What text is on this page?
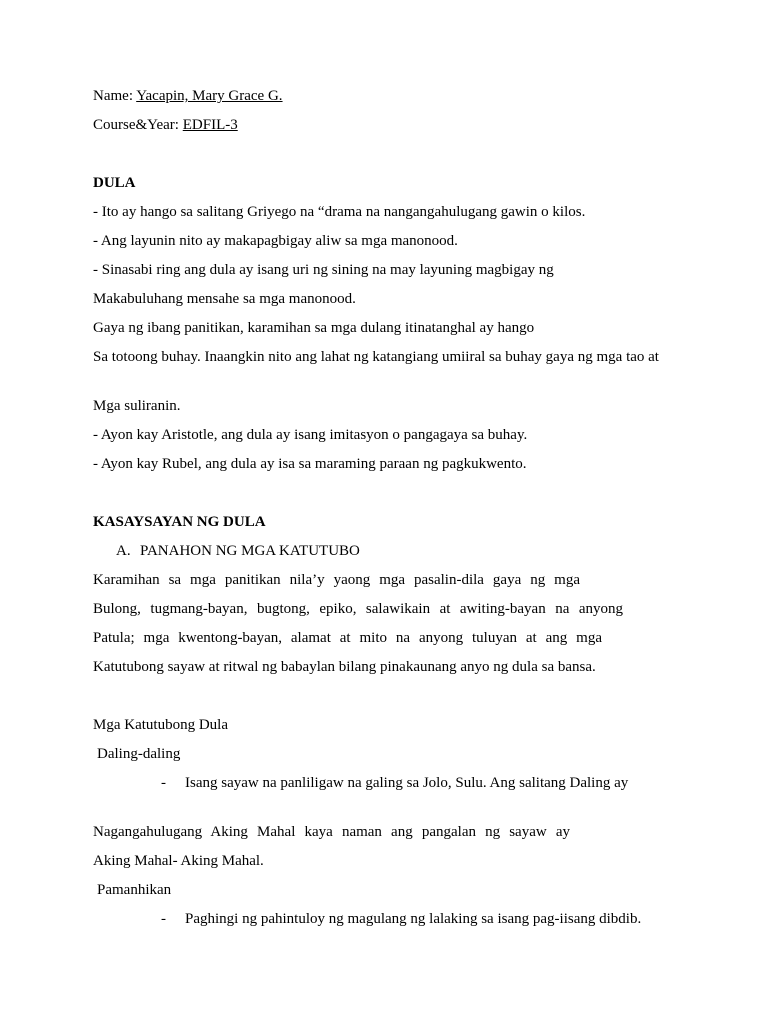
Name: Yacapin, Mary Grace G.
Course&Year: EDFIL-3
DULA
- Ito ay hango sa salitang Griyego na “drama na nangangahulugang gawin o kilos.
- Ang layunin nito ay makapagbigay aliw sa mga manonood.
- Sinasabi ring ang dula ay isang uri ng sining na may layuning magbigay ng
Makabuluhang mensahe sa mga manonood.
Gaya ng ibang panitikan, karamihan sa mga dulang itinatanghal ay hango
Sa totoong buhay. Inaangkin nito ang lahat ng katangiang umiiral sa buhay gaya ng mga tao at
Mga suliranin.
- Ayon kay Aristotle, ang dula ay isang imitasyon o pangagaya sa buhay.
- Ayon kay Rubel, ang dula ay isa sa maraming paraan ng pagkukwento.
KASAYSAYAN NG DULA
A. PANAHON NG MGA KATUTUBO
Karamihan sa mga panitikan nila’y yaong mga pasalin-dila gaya ng mga
Bulong, tugmang-bayan, bugtong, epiko, salawikain at awiting-bayan na anyong
Patula; mga kwentong-bayan, alamat at mito na anyong tuluyan at ang mga
Katutubong sayaw at ritwal ng babaylan bilang pinakaunang anyo ng dula sa bansa.
Mga Katutubong Dula
Daling-daling
- Isang sayaw na panliligaw na galing sa Jolo, Sulu. Ang salitang Daling ay
Nagangahulugang Aking Mahal kaya naman ang pangalan ng sayaw ay
Aking Mahal- Aking Mahal.
Pamanhikan
- Paghingi ng pahintuloy ng magulang ng lalaking sa isang pag-iisang dibdib.
